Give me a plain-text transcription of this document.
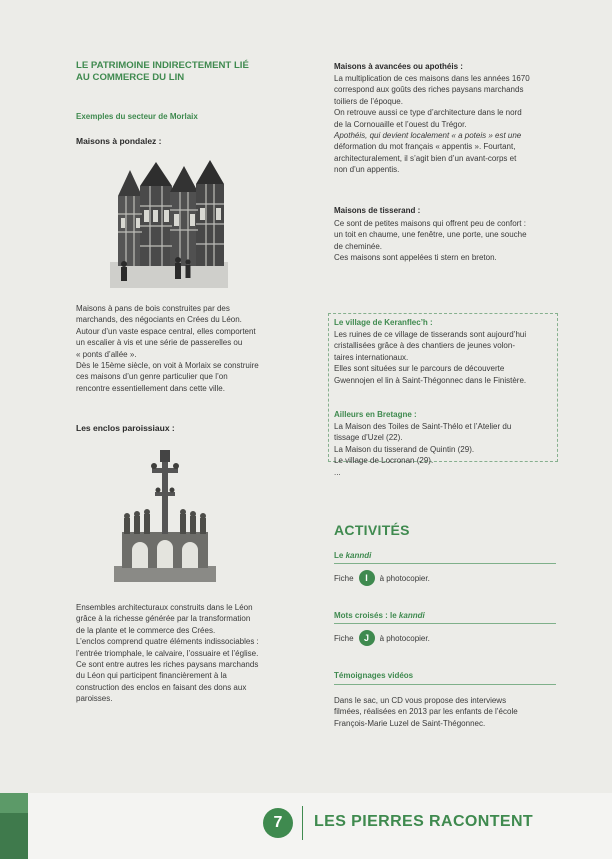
LE PATRIMOINE INDIRECTEMENT LIÉ
AU COMMERCE DU LIN
Exemples du secteur de Morlaix
Maisons à pondalez :

Maisons à pans de bois construites par des

marchands, des négociants en Crées du Léon.

Autour d’un vaste espace central, elles comportent

un escalier à vis et une série de passerelles ou

« ponts d’allée ».

Dès le 15ème siècle, on voit à Morlaix se construire

ces maisons d’un genre particulier que l’on

rencontre essentiellement dans cette ville.

Les enclos paroissiaux :

Ensembles architecturaux construits dans le Léon

grâce à la richesse générée par la transformation

de la plante et le commerce des Crées.

L’enclos comprend quatre éléments indissociables :

l’entrée triomphale, le calvaire, l’ossuaire et l’église.

Ce sont entre autres les riches paysans marchands

du Léon qui participent financièrement à la

construction des enclos en faisant des dons aux

paroisses.

Maisons à avancées ou apothéis :

La multiplication de ces maisons dans les années 1670

correspond aux goûts des riches paysans marchands

toiliers de l’époque.

On retrouve aussi ce type d’architecture dans le nord

de la Cornouaille et l’ouest du Trégor.

Apothéis, qui devient localement « a poteis » est une

déformation du mot français « appentis ». Fourtant,

architecturalement, il s’agit bien d’un avant-corps et

non d’un appentis.

Maisons de tisserand :

Ce sont de petites maisons qui offrent peu de confort :

un toit en chaume, une fenêtre, une porte, une souche

de cheminée.

Ces maisons sont appelées ti stern en breton.

Le village de Keranflec’h :

Les ruines de ce village de tisserands sont aujourd’hui

cristallisées grâce à des chantiers de jeunes volon-

taires internationaux.

Elles sont situées sur le parcours de découverte

Gwennojen el lin à Saint-Thégonnec dans le Finistère.

Ailleurs en Bretagne :

La Maison des Toiles de Saint-Thélo et l’Atelier du

tissage d’Uzel (22).

La Maison du tisserand de Quintin (29).

Le village de Locronan (29).

...

ACTIVITÉS
Le kanndi
Fiche	I	à photocopier.
Mots croisés : le kanndi
Fiche	J	à photocopier.
Témoignages vidéos

Dans le sac, un CD vous propose des interviews

filmées, réalisées en 2013 par les enfants de l’école

François-Marie Luzel de Saint-Thégonnec.

7	LES PIERRES RACONTENT
